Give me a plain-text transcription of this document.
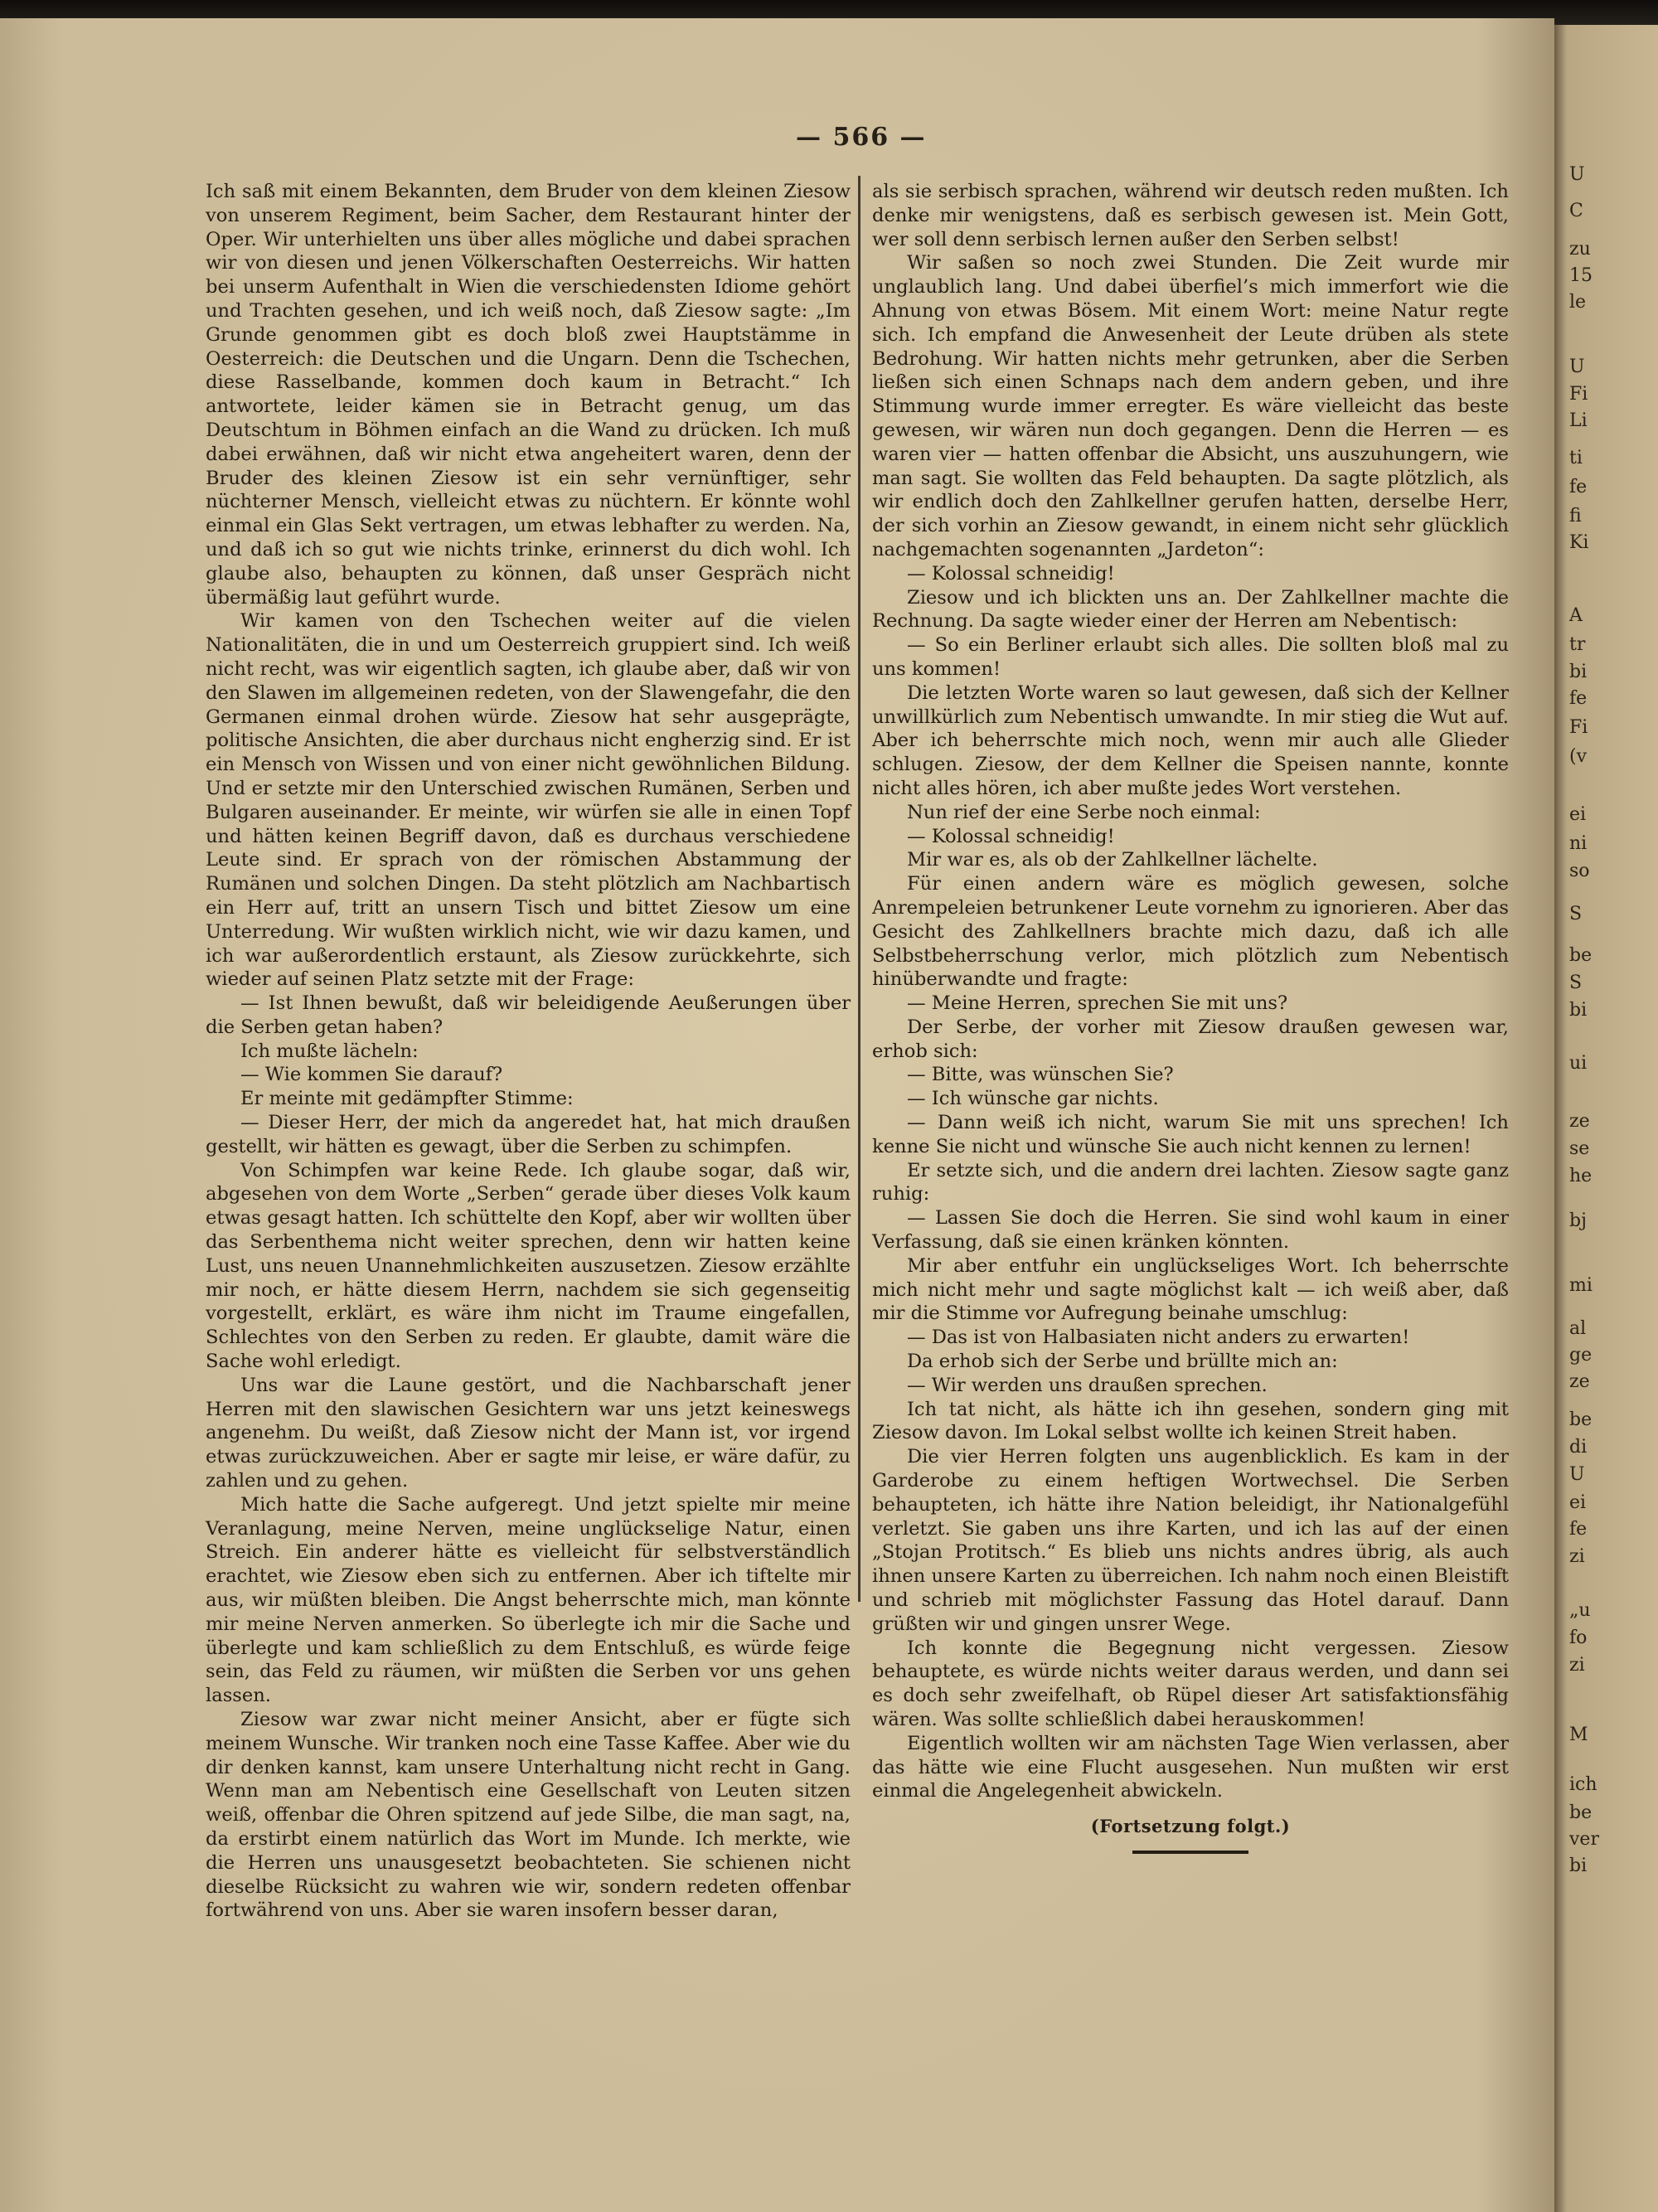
— 566 —

Ich saß mit einem Bekannten, dem Bruder von dem kleinen Ziesow von unserem Regiment, beim Sacher, dem Restaurant hinter der Oper. Wir unterhielten uns über alles mögliche und dabei sprachen wir von diesen und jenen Völkerschaften Oesterreichs. Wir hatten bei unserm Aufenthalt in Wien die verschiedensten Idiome gehört und Trachten gesehen, und ich weiß noch, daß Ziesow sagte: „Im Grunde genommen gibt es doch bloß zwei Hauptstämme in Oesterreich: die Deutschen und die Ungarn. Denn die Tschechen, diese Rasselbande, kommen doch kaum in Betracht.“ Ich antwortete, leider kämen sie in Betracht genug, um das Deutschtum in Böhmen einfach an die Wand zu drücken. Ich muß dabei erwähnen, daß wir nicht etwa angeheitert waren, denn der Bruder des kleinen Ziesow ist ein sehr vernünftiger, sehr nüchterner Mensch, vielleicht etwas zu nüchtern. Er könnte wohl einmal ein Glas Sekt vertragen, um etwas lebhafter zu werden. Na, und daß ich so gut wie nichts trinke, erinnerst du dich wohl. Ich glaube also, behaupten zu können, daß unser Gespräch nicht übermäßig laut geführt wurde.

Wir kamen von den Tschechen weiter auf die vielen Nationalitäten, die in und um Oesterreich gruppiert sind. Ich weiß nicht recht, was wir eigentlich sagten, ich glaube aber, daß wir von den Slawen im allgemeinen redeten, von der Slawengefahr, die den Germanen einmal drohen würde. Ziesow hat sehr ausgeprägte, politische Ansichten, die aber durchaus nicht engherzig sind. Er ist ein Mensch von Wissen und von einer nicht gewöhnlichen Bildung. Und er setzte mir den Unterschied zwischen Rumänen, Serben und Bulgaren auseinander. Er meinte, wir würfen sie alle in einen Topf und hätten keinen Begriff davon, daß es durchaus verschiedene Leute sind. Er sprach von der römischen Abstammung der Rumänen und solchen Dingen. Da steht plötzlich am Nachbartisch ein Herr auf, tritt an unsern Tisch und bittet Ziesow um eine Unterredung. Wir wußten wirklich nicht, wie wir dazu kamen, und ich war außerordentlich erstaunt, als Ziesow zurückkehrte, sich wieder auf seinen Platz setzte mit der Frage:

— Ist Ihnen bewußt, daß wir beleidigende Aeußerungen über die Serben getan haben?

Ich mußte lächeln:

— Wie kommen Sie darauf?

Er meinte mit gedämpfter Stimme:

— Dieser Herr, der mich da angeredet hat, hat mich draußen gestellt, wir hätten es gewagt, über die Serben zu schimpfen.

Von Schimpfen war keine Rede. Ich glaube sogar, daß wir, abgesehen von dem Worte „Serben“ gerade über dieses Volk kaum etwas gesagt hatten. Ich schüttelte den Kopf, aber wir wollten über das Serbenthema nicht weiter sprechen, denn wir hatten keine Lust, uns neuen Unannehmlichkeiten auszusetzen. Ziesow erzählte mir noch, er hätte diesem Herrn, nachdem sie sich gegenseitig vorgestellt, erklärt, es wäre ihm nicht im Traume eingefallen, Schlechtes von den Serben zu reden. Er glaubte, damit wäre die Sache wohl erledigt.

Uns war die Laune gestört, und die Nachbarschaft jener Herren mit den slawischen Gesichtern war uns jetzt keineswegs angenehm. Du weißt, daß Ziesow nicht der Mann ist, vor irgend etwas zurückzuweichen. Aber er sagte mir leise, er wäre dafür, zu zahlen und zu gehen.

Mich hatte die Sache aufgeregt. Und jetzt spielte mir meine Veranlagung, meine Nerven, meine unglückselige Natur, einen Streich. Ein anderer hätte es vielleicht für selbstverständlich erachtet, wie Ziesow eben sich zu entfernen. Aber ich tiftelte mir aus, wir müßten bleiben. Die Angst beherrschte mich, man könnte mir meine Nerven anmerken. So überlegte ich mir die Sache und überlegte und kam schließlich zu dem Entschluß, es würde feige sein, das Feld zu räumen, wir müßten die Serben vor uns gehen lassen.

Ziesow war zwar nicht meiner Ansicht, aber er fügte sich meinem Wunsche. Wir tranken noch eine Tasse Kaffee. Aber wie du dir denken kannst, kam unsere Unterhaltung nicht recht in Gang. Wenn man am Nebentisch eine Gesellschaft von Leuten sitzen weiß, offenbar die Ohren spitzend auf jede Silbe, die man sagt, na, da erstirbt einem natürlich das Wort im Munde. Ich merkte, wie die Herren uns unausgesetzt beobachteten. Sie schienen nicht dieselbe Rücksicht zu wahren wie wir, sondern redeten offenbar fortwährend von uns. Aber sie waren insofern besser daran,

als sie serbisch sprachen, während wir deutsch reden mußten. Ich denke mir wenigstens, daß es serbisch gewesen ist. Mein Gott, wer soll denn serbisch lernen außer den Serben selbst!

Wir saßen so noch zwei Stunden. Die Zeit wurde mir unglaublich lang. Und dabei überfiel’s mich immerfort wie die Ahnung von etwas Bösem. Mit einem Wort: meine Natur regte sich. Ich empfand die Anwesenheit der Leute drüben als stete Bedrohung. Wir hatten nichts mehr getrunken, aber die Serben ließen sich einen Schnaps nach dem andern geben, und ihre Stimmung wurde immer erregter. Es wäre vielleicht das beste gewesen, wir wären nun doch gegangen. Denn die Herren — es waren vier — hatten offenbar die Absicht, uns auszuhungern, wie man sagt. Sie wollten das Feld behaupten. Da sagte plötzlich, als wir endlich doch den Zahlkellner gerufen hatten, derselbe Herr, der sich vorhin an Ziesow gewandt, in einem nicht sehr glücklich nachgemachten sogenannten „Jardeton“:

— Kolossal schneidig!

Ziesow und ich blickten uns an. Der Zahlkellner machte die Rechnung. Da sagte wieder einer der Herren am Nebentisch:

— So ein Berliner erlaubt sich alles. Die sollten bloß mal zu uns kommen!

Die letzten Worte waren so laut gewesen, daß sich der Kellner unwillkürlich zum Nebentisch umwandte. In mir stieg die Wut auf. Aber ich beherrschte mich noch, wenn mir auch alle Glieder schlugen. Ziesow, der dem Kellner die Speisen nannte, konnte nicht alles hören, ich aber mußte jedes Wort verstehen.

Nun rief der eine Serbe noch einmal:

— Kolossal schneidig!

Mir war es, als ob der Zahlkellner lächelte.

Für einen andern wäre es möglich gewesen, solche Anrempeleien betrunkener Leute vornehm zu ignorieren. Aber das Gesicht des Zahlkellners brachte mich dazu, daß ich alle Selbstbeherrschung verlor, mich plötzlich zum Nebentisch hinüberwandte und fragte:

— Meine Herren, sprechen Sie mit uns?

Der Serbe, der vorher mit Ziesow draußen gewesen war, erhob sich:

— Bitte, was wünschen Sie?

— Ich wünsche gar nichts.

— Dann weiß ich nicht, warum Sie mit uns sprechen! Ich kenne Sie nicht und wünsche Sie auch nicht kennen zu lernen!

Er setzte sich, und die andern drei lachten. Ziesow sagte ganz ruhig:

— Lassen Sie doch die Herren. Sie sind wohl kaum in einer Verfassung, daß sie einen kränken könnten.

Mir aber entfuhr ein unglückseliges Wort. Ich beherrschte mich nicht mehr und sagte möglichst kalt — ich weiß aber, daß mir die Stimme vor Aufregung beinahe umschlug:

— Das ist von Halbasiaten nicht anders zu erwarten!

Da erhob sich der Serbe und brüllte mich an:

— Wir werden uns draußen sprechen.

Ich tat nicht, als hätte ich ihn gesehen, sondern ging mit Ziesow davon. Im Lokal selbst wollte ich keinen Streit haben.

Die vier Herren folgten uns augenblicklich. Es kam in der Garderobe zu einem heftigen Wortwechsel. Die Serben behaupteten, ich hätte ihre Nation beleidigt, ihr Nationalgefühl verletzt. Sie gaben uns ihre Karten, und ich las auf der einen „Stojan Protitsch.“ Es blieb uns nichts andres übrig, als auch ihnen unsere Karten zu überreichen. Ich nahm noch einen Bleistift und schrieb mit möglichster Fassung das Hotel darauf. Dann grüßten wir und gingen unsrer Wege.

Ich konnte die Begegnung nicht vergessen. Ziesow behauptete, es würde nichts weiter daraus werden, und dann sei es doch sehr zweifelhaft, ob Rüpel dieser Art satisfaktionsfähig wären. Was sollte schließlich dabei herauskommen!

Eigentlich wollten wir am nächsten Tage Wien verlassen, aber das hätte wie eine Flucht ausgesehen. Nun mußten wir erst einmal die Angelegenheit abwickeln.

(Fortsetzung folgt.)
U
C
zu
15
le
U
Fi
Li
ti
fe
fi
Ki
A
tr
bi
fe
Fi
(v
ei
ni
so
S
be
S
bi
ui
ze
se
he
bj
mi
al
ge
ze
be
di
U
ei
fe
zi
„u
fo
zi
M
ich
be
ver
bi
